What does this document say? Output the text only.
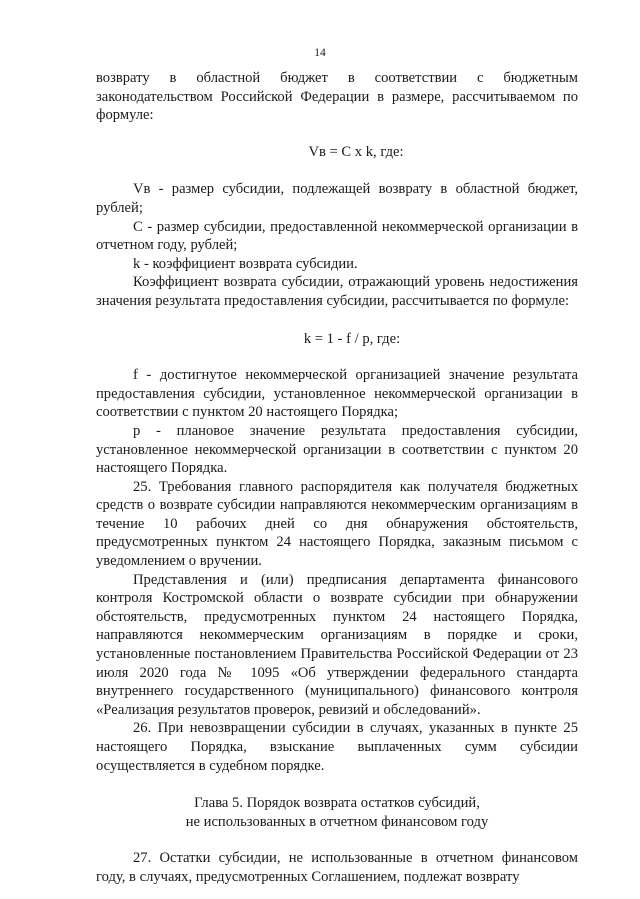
14

возврату в областной бюджет в соответствии с бюджетным законодательством Российской Федерации в размере, рассчитываемом по формуле:

Vв = C x k, где:

Vв - размер субсидии, подлежащей возврату в областной бюджет, рублей;

C - размер субсидии, предоставленной некоммерческой организации в отчетном году, рублей;

k - коэффициент возврата субсидии.

Коэффициент возврата субсидии, отражающий уровень недостижения значения результата предоставления субсидии, рассчитывается по формуле:

k = 1 - f / p, где:

f - достигнутое некоммерческой организацией значение результата предоставления субсидии, установленное некоммерческой организации в соответствии с пунктом 20 настоящего Порядка;

p - плановое значение результата предоставления субсидии, установленное некоммерческой организации в соответствии с пунктом 20 настоящего Порядка.

25. Требования главного распорядителя как получателя бюджетных средств о возврате субсидии направляются некоммерческим организациям в течение 10 рабочих дней со дня обнаружения обстоятельств, предусмотренных пунктом 24 настоящего Порядка, заказным письмом с уведомлением о вручении.

Представления и (или) предписания департамента финансового контроля Костромской области о возврате субсидии при обнаружении обстоятельств, предусмотренных пунктом 24 настоящего Порядка, направляются некоммерческим организациям в порядке и сроки, установленные постановлением Правительства Российской Федерации от 23 июля 2020 года № 1095 «Об утверждении федерального стандарта внутреннего государственного (муниципального) финансового контроля «Реализация результатов проверок, ревизий и обследований».

26. При невозвращении субсидии в случаях, указанных в пункте 25 настоящего Порядка, взыскание выплаченных сумм субсидии осуществляется в судебном порядке.

Глава 5. Порядок возврата остатков субсидий,
не использованных в отчетном финансовом году

27. Остатки субсидии, не использованные в отчетном финансовом году, в случаях, предусмотренных Соглашением, подлежат возврату
